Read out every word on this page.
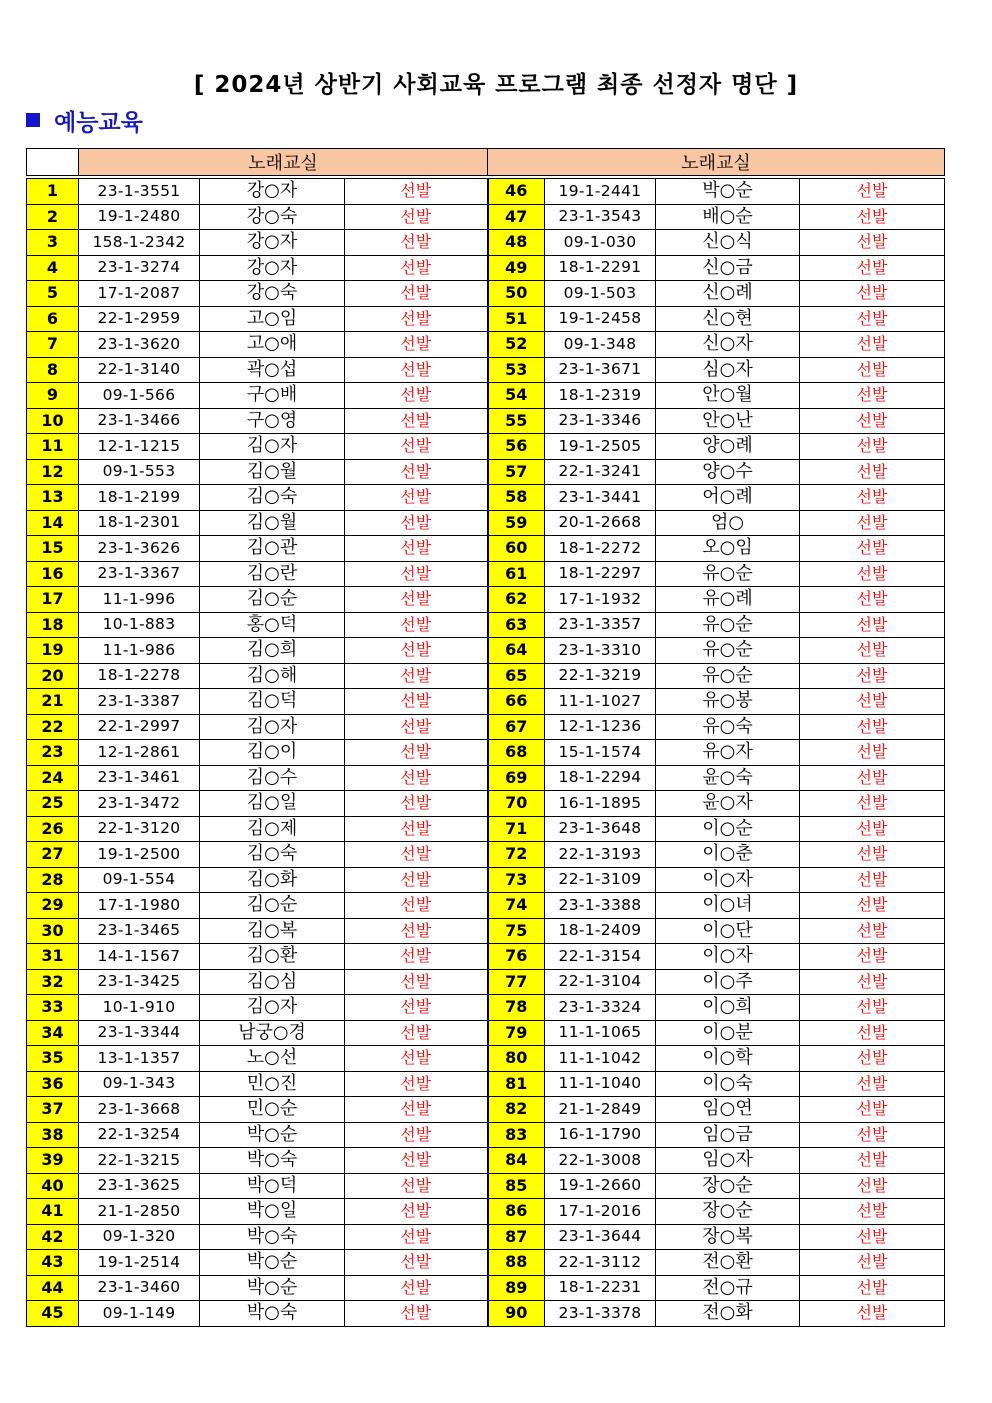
[ 2024년 상반기 사회교육 프로그램 최종 선정자 명단 ]
예능교육
	노래교실	노래교실
1	23-1-3551	강○자	선발	46	19-1-2441	박○순	선발
2	19-1-2480	강○숙	선발	47	23-1-3543	배○순	선발
3	158-1-2342	강○자	선발	48	09-1-030	신○식	선발
4	23-1-3274	강○자	선발	49	18-1-2291	신○금	선발
5	17-1-2087	강○숙	선발	50	09-1-503	신○례	선발
6	22-1-2959	고○임	선발	51	19-1-2458	신○현	선발
7	23-1-3620	고○애	선발	52	09-1-348	신○자	선발
8	22-1-3140	곽○섭	선발	53	23-1-3671	심○자	선발
9	09-1-566	구○배	선발	54	18-1-2319	안○월	선발
10	23-1-3466	구○영	선발	55	23-1-3346	안○난	선발
11	12-1-1215	김○자	선발	56	19-1-2505	양○례	선발
12	09-1-553	김○월	선발	57	22-1-3241	양○수	선발
13	18-1-2199	김○숙	선발	58	23-1-3441	어○례	선발
14	18-1-2301	김○월	선발	59	20-1-2668	엄○	선발
15	23-1-3626	김○관	선발	60	18-1-2272	오○임	선발
16	23-1-3367	김○란	선발	61	18-1-2297	유○순	선발
17	11-1-996	김○순	선발	62	17-1-1932	유○례	선발
18	10-1-883	홍○덕	선발	63	23-1-3357	유○순	선발
19	11-1-986	김○희	선발	64	23-1-3310	유○순	선발
20	18-1-2278	김○해	선발	65	22-1-3219	유○순	선발
21	23-1-3387	김○덕	선발	66	11-1-1027	유○봉	선발
22	22-1-2997	김○자	선발	67	12-1-1236	유○숙	선발
23	12-1-2861	김○이	선발	68	15-1-1574	유○자	선발
24	23-1-3461	김○수	선발	69	18-1-2294	윤○숙	선발
25	23-1-3472	김○일	선발	70	16-1-1895	윤○자	선발
26	22-1-3120	김○제	선발	71	23-1-3648	이○순	선발
27	19-1-2500	김○숙	선발	72	22-1-3193	이○춘	선발
28	09-1-554	김○화	선발	73	22-1-3109	이○자	선발
29	17-1-1980	김○순	선발	74	23-1-3388	이○녀	선발
30	23-1-3465	김○복	선발	75	18-1-2409	이○단	선발
31	14-1-1567	김○환	선발	76	22-1-3154	이○자	선발
32	23-1-3425	김○심	선발	77	22-1-3104	이○주	선발
33	10-1-910	김○자	선발	78	23-1-3324	이○희	선발
34	23-1-3344	남궁○경	선발	79	11-1-1065	이○분	선발
35	13-1-1357	노○선	선발	80	11-1-1042	이○학	선발
36	09-1-343	민○진	선발	81	11-1-1040	이○숙	선발
37	23-1-3668	민○순	선발	82	21-1-2849	임○연	선발
38	22-1-3254	박○순	선발	83	16-1-1790	임○금	선발
39	22-1-3215	박○숙	선발	84	22-1-3008	임○자	선발
40	23-1-3625	박○덕	선발	85	19-1-2660	장○순	선발
41	21-1-2850	박○일	선발	86	17-1-2016	장○순	선발
42	09-1-320	박○숙	선발	87	23-1-3644	장○복	선발
43	19-1-2514	박○순	선발	88	22-1-3112	전○환	선발
44	23-1-3460	박○순	선발	89	18-1-2231	전○규	선발
45	09-1-149	박○숙	선발	90	23-1-3378	전○화	선발
